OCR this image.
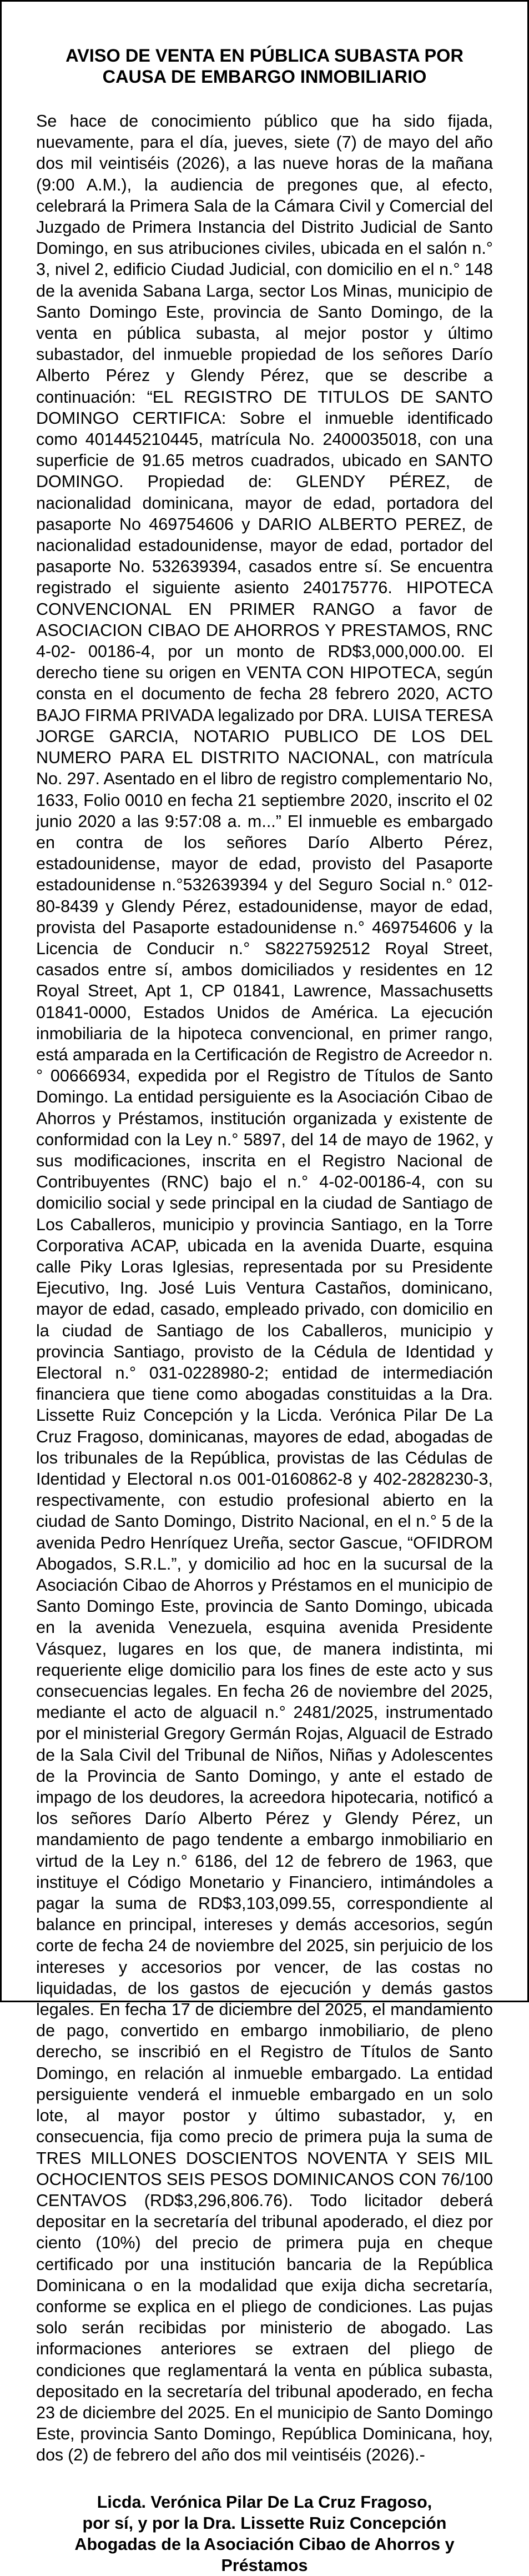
AVISO DE VENTA EN PÚBLICA SUBASTA POR CAUSA DE EMBARGO INMOBILIARIO

Se hace de conocimiento público que ha sido fijada, nuevamente, para el día, jueves, siete (7) de mayo del año dos mil veintiséis (2026), a las nueve horas de la mañana (9:00 A.M.), la audiencia de pregones que, al efecto, celebrará la Primera Sala de la Cámara Civil y Comercial del Juzgado de Primera Instancia del Distrito Judicial de Santo Domingo, en sus atribuciones civiles, ubicada en el salón n.° 3, nivel 2, edificio Ciudad Judicial, con domicilio en el n.° 148 de la avenida Sabana Larga, sector Los Minas, municipio de Santo Domingo Este, provincia de Santo Domingo, de la venta en pública subasta, al mejor postor y último subastador, del inmueble propiedad de los señores Darío Alberto Pérez y Glendy Pérez, que se describe a continuación: “EL REGISTRO DE TITULOS DE SANTO DOMINGO CERTIFICA: Sobre el inmueble identificado como 401445210445, matrícula No. 2400035018, con una superficie de 91.65 metros cuadrados, ubicado en SANTO DOMINGO. Propiedad de: GLENDY PÉREZ, de nacionalidad dominicana, mayor de edad, portadora del pasaporte No 469754606 y DARIO ALBERTO PEREZ, de nacionalidad estadounidense, mayor de edad, portador del pasaporte No. 532639394, casados entre sí. Se encuentra registrado el siguiente asiento 240175776. HIPOTECA CONVENCIONAL EN PRIMER RANGO a favor de ASOCIACION CIBAO DE AHORROS Y PRESTAMOS, RNC 4-02- 00186-4, por un monto de RD$3,000,000.00. El derecho tiene su origen en VENTA CON HIPOTECA, según consta en el documento de fecha 28 febrero 2020, ACTO BAJO FIRMA PRIVADA legalizado por DRA. LUISA TERESA JORGE GARCIA, NOTARIO PUBLICO DE LOS DEL NUMERO PARA EL DISTRITO NACIONAL, con matrícula No. 297. Asentado en el libro de registro complementario No, 1633, Folio 0010 en fecha 21 septiembre 2020, inscrito el 02 junio 2020 a las 9:57:08 a. m...” El inmueble es embargado en contra de los señores Darío Alberto Pérez, estadounidense, mayor de edad, provisto del Pasaporte estadounidense n.°532639394 y del Seguro Social n.° 012-80-8439 y Glendy Pérez, estadounidense, mayor de edad, provista del Pasaporte estadounidense n.° 469754606 y la Licencia de Conducir n.° S8227592512 Royal Street, casados entre sí, ambos domiciliados y residentes en 12 Royal Street, Apt 1, CP 01841, Lawrence, Massachusetts 01841-0000, Estados Unidos de América. La ejecución inmobiliaria de la hipoteca convencional, en primer rango, está amparada en la Certificación de Registro de Acreedor n.° 00666934, expedida por el Registro de Títulos de Santo Domingo. La entidad persiguiente es la Asociación Cibao de Ahorros y Préstamos, institución organizada y existente de conformidad con la Ley n.° 5897, del 14 de mayo de 1962, y sus modificaciones, inscrita en el Registro Nacional de Contribuyentes (RNC) bajo el n.° 4-02-00186-4, con su domicilio social y sede principal en la ciudad de Santiago de Los Caballeros, municipio y provincia Santiago, en la Torre Corporativa ACAP, ubicada en la avenida Duarte, esquina calle Piky Loras Iglesias, representada por su Presidente Ejecutivo, Ing. José Luis Ventura Castaños, dominicano, mayor de edad, casado, empleado privado, con domicilio en la ciudad de Santiago de los Caballeros, municipio y provincia Santiago, provisto de la Cédula de Identidad y Electoral n.° 031-0228980-2; entidad de intermediación financiera que tiene como abogadas constituidas a la Dra. Lissette Ruiz Concepción y la Licda. Verónica Pilar De La Cruz Fragoso, dominicanas, mayores de edad, abogadas de los tribunales de la República, provistas de las Cédulas de Identidad y Electoral n.os 001-0160862-8 y 402-2828230-3, respectivamente, con estudio profesional abierto en la ciudad de Santo Domingo, Distrito Nacional, en el n.° 5 de la avenida Pedro Henríquez Ureña, sector Gascue, “OFIDROM Abogados, S.R.L.”, y domicilio ad hoc en la sucursal de la Asociación Cibao de Ahorros y Préstamos en el municipio de Santo Domingo Este, provincia de Santo Domingo, ubicada en la avenida Venezuela, esquina avenida Presidente Vásquez, lugares en los que, de manera indistinta, mi requeriente elige domicilio para los fines de este acto y sus consecuencias legales. En fecha 26 de noviembre del 2025, mediante el acto de alguacil n.° 2481/2025, instrumentado por el ministerial Gregory Germán Rojas, Alguacil de Estrado de la Sala Civil del Tribunal de Niños, Niñas y Adolescentes de la Provincia de Santo Domingo, y ante el estado de impago de los deudores, la acreedora hipotecaria, notificó a los señores Darío Alberto Pérez y Glendy Pérez, un mandamiento de pago tendente a embargo inmobiliario en virtud de la Ley n.° 6186, del 12 de febrero de 1963, que instituye el Código Monetario y Financiero, intimándoles a pagar la suma de RD$3,103,099.55, correspondiente al balance en principal, intereses y demás accesorios, según corte de fecha 24 de noviembre del 2025, sin perjuicio de los intereses y accesorios por vencer, de las costas no liquidadas, de los gastos de ejecución y demás gastos legales. En fecha 17 de diciembre del 2025, el mandamiento de pago, convertido en embargo inmobiliario, de pleno derecho, se inscribió en el Registro de Títulos de Santo Domingo, en relación al inmueble embargado. La entidad persiguiente venderá el inmueble embargado en un solo lote, al mayor postor y último subastador, y, en consecuencia, fija como precio de primera puja la suma de TRES MILLONES DOSCIENTOS NOVENTA Y SEIS MIL OCHOCIENTOS SEIS PESOS DOMINICANOS CON 76/100 CENTAVOS (RD$3,296,806.76). Todo licitador deberá depositar en la secretaría del tribunal apoderado, el diez por ciento (10%) del precio de primera puja en cheque certificado por una institución bancaria de la República Dominicana o en la modalidad que exija dicha secretaría, conforme se explica en el pliego de condiciones. Las pujas solo serán recibidas por ministerio de abogado. Las informaciones anteriores se extraen del pliego de condiciones que reglamentará la venta en pública subasta, depositado en la secretaría del tribunal apoderado, en fecha 23 de diciembre del 2025. En el municipio de Santo Domingo Este, provincia Santo Domingo, República Dominicana, hoy, dos (2) de febrero del año dos mil veintiséis (2026).-

Licda. Verónica Pilar De La Cruz Fragoso,
por sí, y por la Dra. Lissette Ruiz Concepción
Abogadas de la Asociación Cibao de Ahorros y Préstamos
